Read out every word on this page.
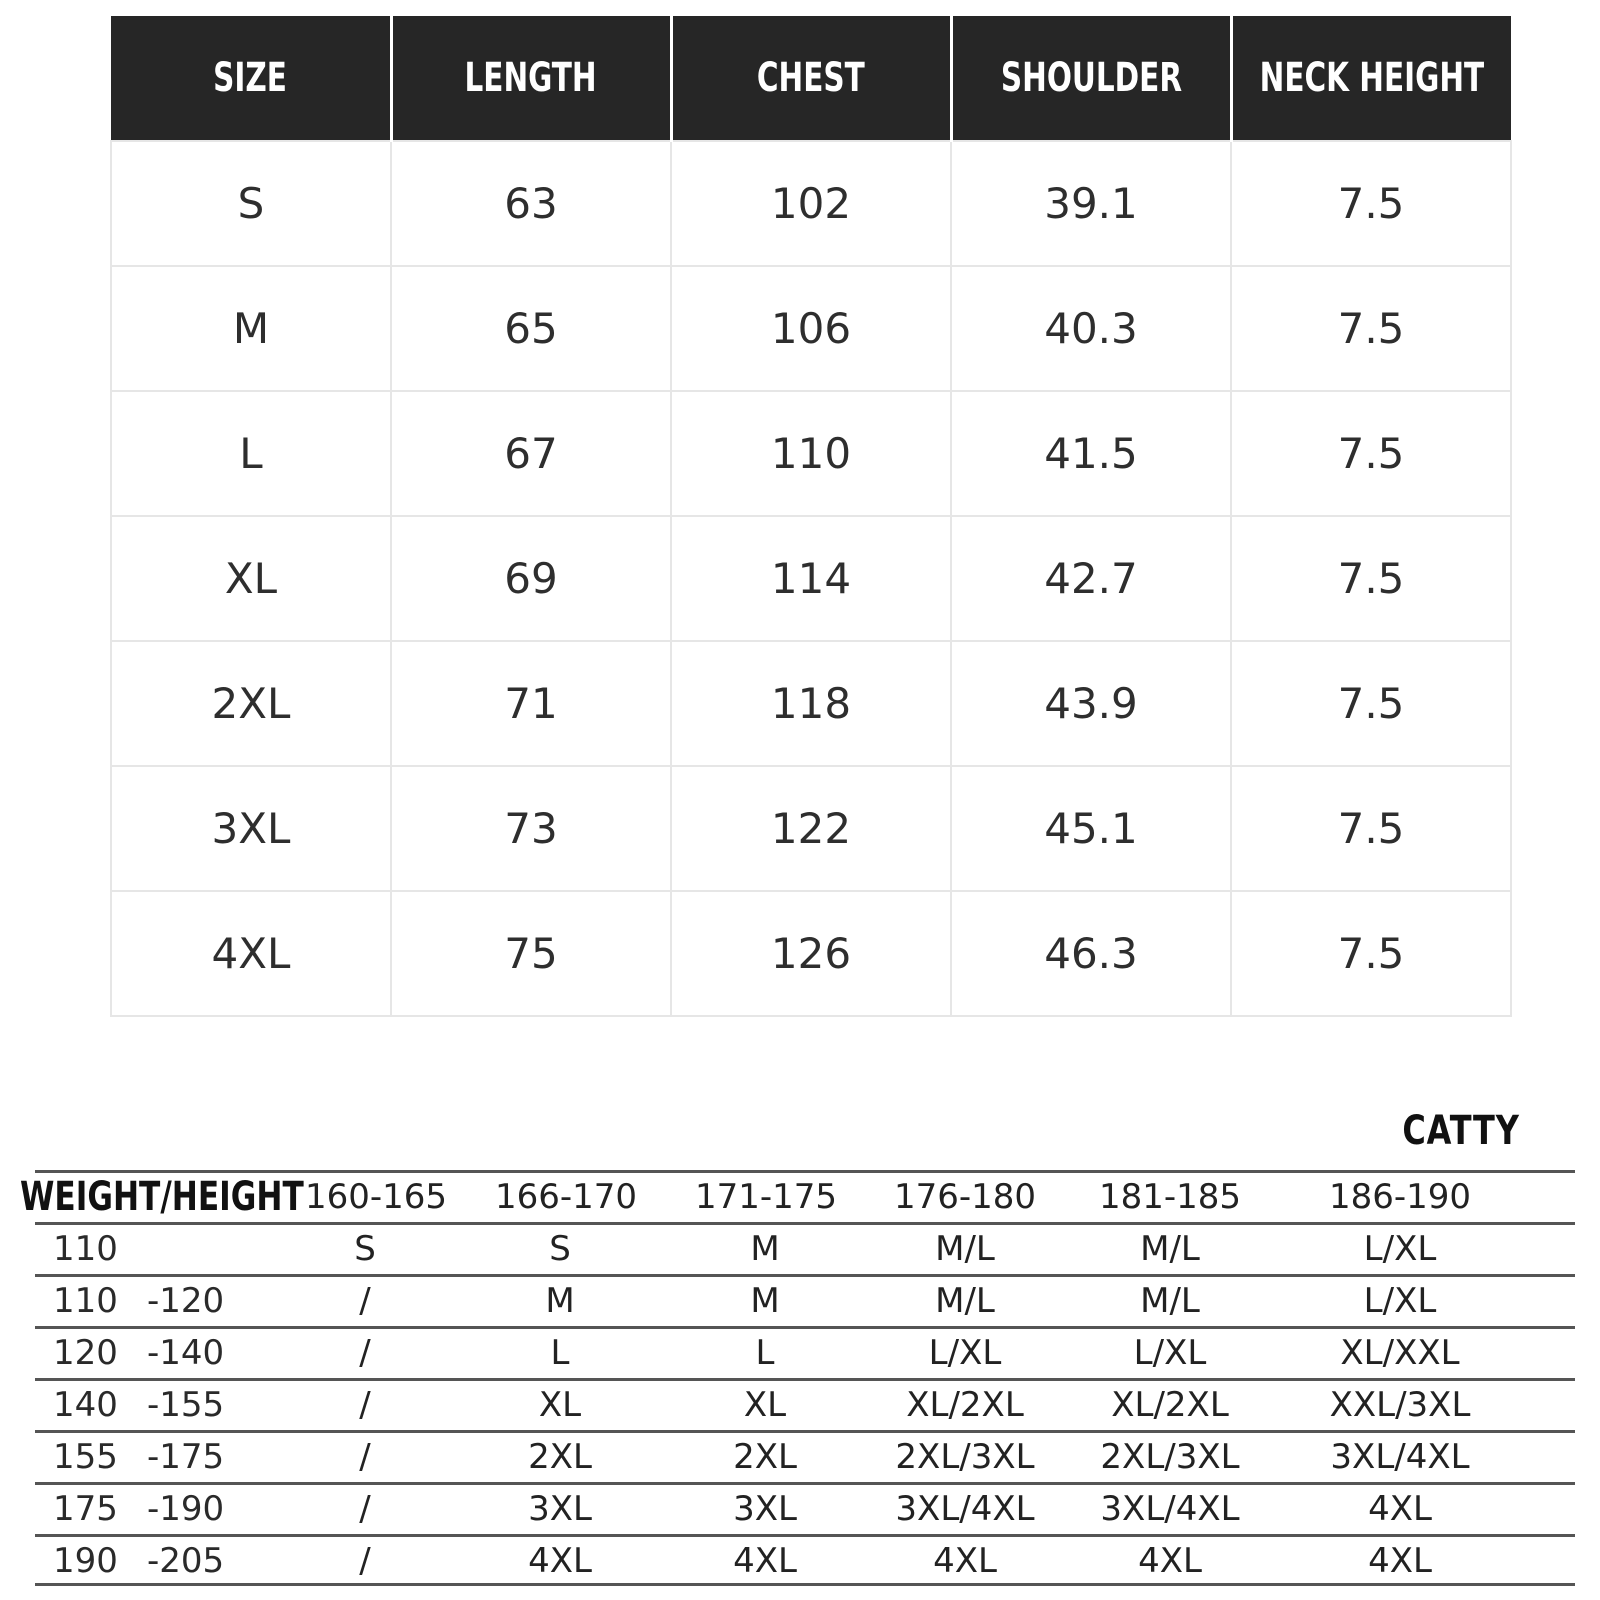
SIZE	LENGTH	CHEST	SHOULDER	NECK HEIGHT
S	63	102	39.1	7.5
M	65	106	40.3	7.5
L	67	110	41.5	7.5
XL	69	114	42.7	7.5
2XL	71	118	43.9	7.5
3XL	73	122	45.1	7.5
4XL	75	126	46.3	7.5
CATTY
WEIGHT/HEIGHT 160-165 166-170 171-175 176-180 181-185	186-190
110	S	S	M	M/L	M/L	L/XL
110 -120	/	M	M	M/L	M/L	L/XL
120 -140	/	L	L	L/XL	L/XL	XL/XXL
140 -155	/	XL	XL	XL/2XL	XL/2XL	XXL/3XL
155 -175	/	2XL	2XL	2XL/3XL	2XL/3XL	3XL/4XL
175 -190	/	3XL	3XL	3XL/4XL	3XL/4XL	4XL
190 -205	/	4XL	4XL	4XL	4XL	4XL
